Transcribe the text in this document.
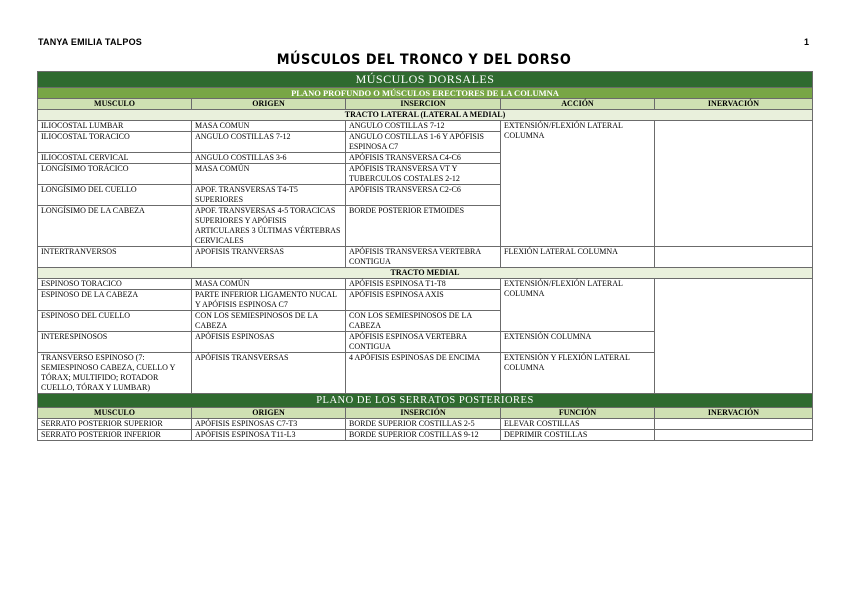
TANYA EMILIA TALPOS	1
MÚSCULOS DEL TRONCO Y DEL DORSO
MÚSCULOS DORSALES				
PLANO PROFUNDO O MÚSCULOS ERECTORES DE LA COLUMNA				
MUSCULO	ORIGEN	INSERCION	ACCIÓN	INERVACIÓN
TRACTO LATERAL (LATERAL A MEDIAL)				
ILIOCOSTAL LUMBAR	MASA COMUN	ANGULO COSTILLAS 7-12	EXTENSIÓN/FLEXIÓN LATERAL COLUMNA	
ILIOCOSTAL TORACICO	ANGULO COSTILLAS 7-12	ANGULO COSTILLAS 1-6 Y APÓFISIS ESPINOSA C7		
ILIOCOSTAL CERVICAL	ANGULO COSTILLAS 3-6	APÓFISIS TRANSVERSA C4-C6		
LONGÍSIMO TORÁCICO	MASA COMÚN	APÓFISIS TRANSVERSA VT Y TUBERCULOS COSTALES 2-12		
LONGÍSIMO DEL CUELLO	APOF. TRANSVERSAS T4-T5 SUPERIORES	APÓFISIS TRANSVERSA C2-C6		
LONGÍSIMO DE LA CABEZA	APOF. TRANSVERSAS 4-5 TORACICAS SUPERIORES Y APÓFISIS ARTICULARES 3 ÚLTIMAS VÉRTEBRAS CERVICALES	BORDE POSTERIOR ETMOIDES		
INTERTRANVERSOS	APOFISIS TRANVERSAS	APÓFISIS TRANSVERSA VERTEBRA CONTIGUA	FLEXIÓN LATERAL COLUMNA	
TRACTO MEDIAL				
ESPINOSO TORACICO	MASA COMÚN	APÓFISIS ESPINOSA T1-T8	EXTENSIÓN/FLEXIÓN LATERAL COLUMNA	
ESPINOSO DE LA CABEZA	PARTE INFERIOR LIGAMENTO NUCAL Y APÓFISIS ESPINOSA C7	APÓFISIS ESPINOSA AXIS		
ESPINOSO DEL CUELLO	CON LOS SEMIESPINOSOS DE LA CABEZA	CON LOS SEMIESPINOSOS DE LA CABEZA		
INTERESPINOSOS	APÓFISIS ESPINOSAS	APÓFISIS ESPINOSA VERTEBRA CONTIGUA	EXTENSIÓN COLUMNA	
TRANSVERSO ESPINOSO (7: SEMIESPINOSO CABEZA, CUELLO Y TÓRAX; MULTIFIDO; ROTADOR CUELLO, TÓRAX Y LUMBAR)	APÓFISIS TRANSVERSAS	4 APÓFISIS ESPINOSAS DE ENCIMA	EXTENSIÓN Y FLEXIÓN LATERAL COLUMNA	
PLANO DE LOS SERRATOS POSTERIORES				
MUSCULO	ORIGEN	INSERCIÓN	FUNCIÓN	INERVACIÓN
SERRATO POSTERIOR SUPERIOR	APÓFISIS ESPINOSAS C7-T3	BORDE SUPERIOR COSTILLAS 2-5	ELEVAR COSTILLAS	
SERRATO POSTERIOR INFERIOR	APÓFISIS ESPINOSA T11-L3	BORDE SUPERIOR COSTILLAS 9-12	DEPRIMIR COSTILLAS	
